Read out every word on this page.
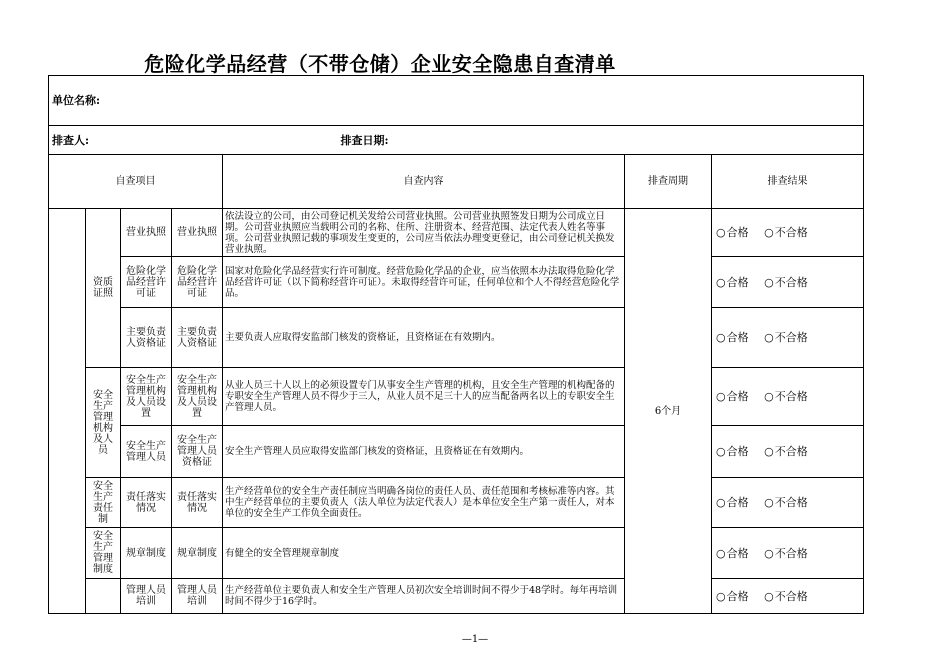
危险化学品经营（不带仓储）企业安全隐患自查清单
单位名称:						
排查人:				排查日期:		
自查项目				自查内容	排查周期	排查结果
	资质证照	营业执照	营业执照	依法设立的公司，由公司登记机关发给公司营业执照。公司营业执照签发日期为公司成立日期。公司营业执照应当载明公司的名称、住所、注册资本、经营范围、法定代表人姓名等事项。公司营业执照记载的事项发生变更的，公司应当依法办理变更登记，由公司登记机关换发营业执照。	6个月	○合格 ○不合格
		危险化学品经营许可证	危险化学品经营许可证	国家对危险化学品经营实行许可制度。经营危险化学品的企业，应当依照本办法取得危险化学品经营许可证（以下简称经营许可证）。未取得经营许可证，任何单位和个人不得经营危险化学品。		○合格 ○不合格
		主要负责人资格证	主要负责人资格证	主要负责人应取得安监部门核发的资格证，且资格证在有效期内。		○合格 ○不合格
	安全生产管理机构及人员	安全生产管理机构及人员设置	安全生产管理机构及人员设置	从业人员三十人以上的必须设置专门从事安全生产管理的机构，且安全生产管理的机构配备的专职安全生产管理人员不得少于三人，从业人员不足三十人的应当配备两名以上的专职安全生产管理人员。		○合格 ○不合格
		安全生产管理人员	安全生产管理人员资格证	安全生产管理人员应取得安监部门核发的资格证，且资格证在有效期内。		○合格 ○不合格
	安全生产责任制	责任落实情况	责任落实情况	生产经营单位的安全生产责任制应当明确各岗位的责任人员、责任范围和考核标准等内容。其中生产经营单位的主要负责人（法人单位为法定代表人）是本单位安全生产第一责任人，对本单位的安全生产工作负全面责任。		○合格 ○不合格
	安全生产管理制度	规章制度	规章制度	有健全的安全管理规章制度		○合格 ○不合格
		管理人员培训	管理人员培训	生产经营单位主要负责人和安全生产管理人员初次安全培训时间不得少于48学时。每年再培训时间不得少于16学时。		○合格 ○不合格
—1—
